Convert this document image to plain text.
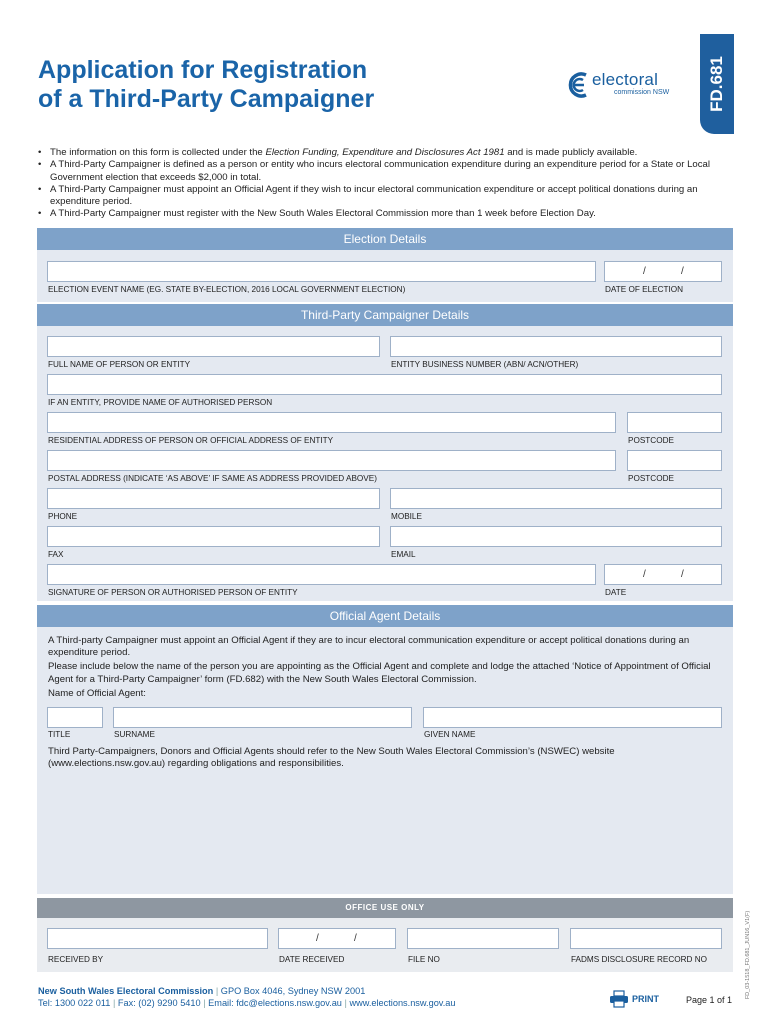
Application for Registration
of a Third-Party Campaigner
electoral
commission NSW FD.681
• The information on this form is collected under the Election Funding, Expenditure and Disclosures Act 1981 and is made publicly available.
• A Third-Party Campaigner is defined as a person or entity who incurs electoral communication expenditure during an expenditure period for a State or Local Government election that exceeds $2,000 in total.
• A Third-Party Campaigner must appoint an Official Agent if they wish to incur electoral communication expenditure or accept political donations during an expenditure period.
• A Third-Party Campaigner must register with the New South Wales Electoral Commission more than 1 week before Election Day.
Election Details
/	/
ELECTION EVENT NAME (EG. STATE BY-ELECTION, 2016 LOCAL GOVERNMENT ELECTION)	DATE OF ELECTION
Third-Party Campaigner Details
FULL NAME OF PERSON OR ENTITY	ENTITY BUSINESS NUMBER (ABN/ ACN/OTHER)
IF AN ENTITY, PROVIDE NAME OF AUTHORISED PERSON
RESIDENTIAL ADDRESS OF PERSON OR OFFICIAL ADDRESS OF ENTITY	POSTCODE
POSTAL ADDRESS (INDICATE ‘AS ABOVE’ IF SAME AS ADDRESS PROVIDED ABOVE)	POSTCODE
PHONE	MOBILE
FAX	EMAIL
/	/
SIGNATURE OF PERSON OR AUTHORISED PERSON OF ENTITY	DATE
Official Agent Details

A Third-party Campaigner must appoint an Official Agent if they are to incur electoral communication expenditure or accept political donations during an expenditure period.

Please include below the name of the person you are appointing as the Official Agent and complete and lodge the attached ‘Notice of Appointment of Official Agent for a Third-Party Campaigner’ form (FD.682) with the New South Wales Electoral Commission.

Name of Official Agent:

TITLE	SURNAME	GIVEN NAME
Third Party-Campaigners, Donors and Official Agents should refer to the New South Wales Electoral Commission’s (NSWEC) website (www.elections.nsw.gov.au) regarding obligations and responsibilities.
OFFICE USE ONLY
/	/
RECEIVED BY	DATE RECEIVED	FILE NO	FADMS DISCLOSURE RECORD NO	FD_03-1518_FD.681_JUN16_V1(F)
New South Wales Electoral Commission | GPO Box 4046, Sydney NSW 2001
Tel: 1300 022 011 | Fax: (02) 9290 5410 | Email: fdc@elections.nsw.gov.au | www.elections.nsw.gov.au	PRINT	Page 1 of 1
